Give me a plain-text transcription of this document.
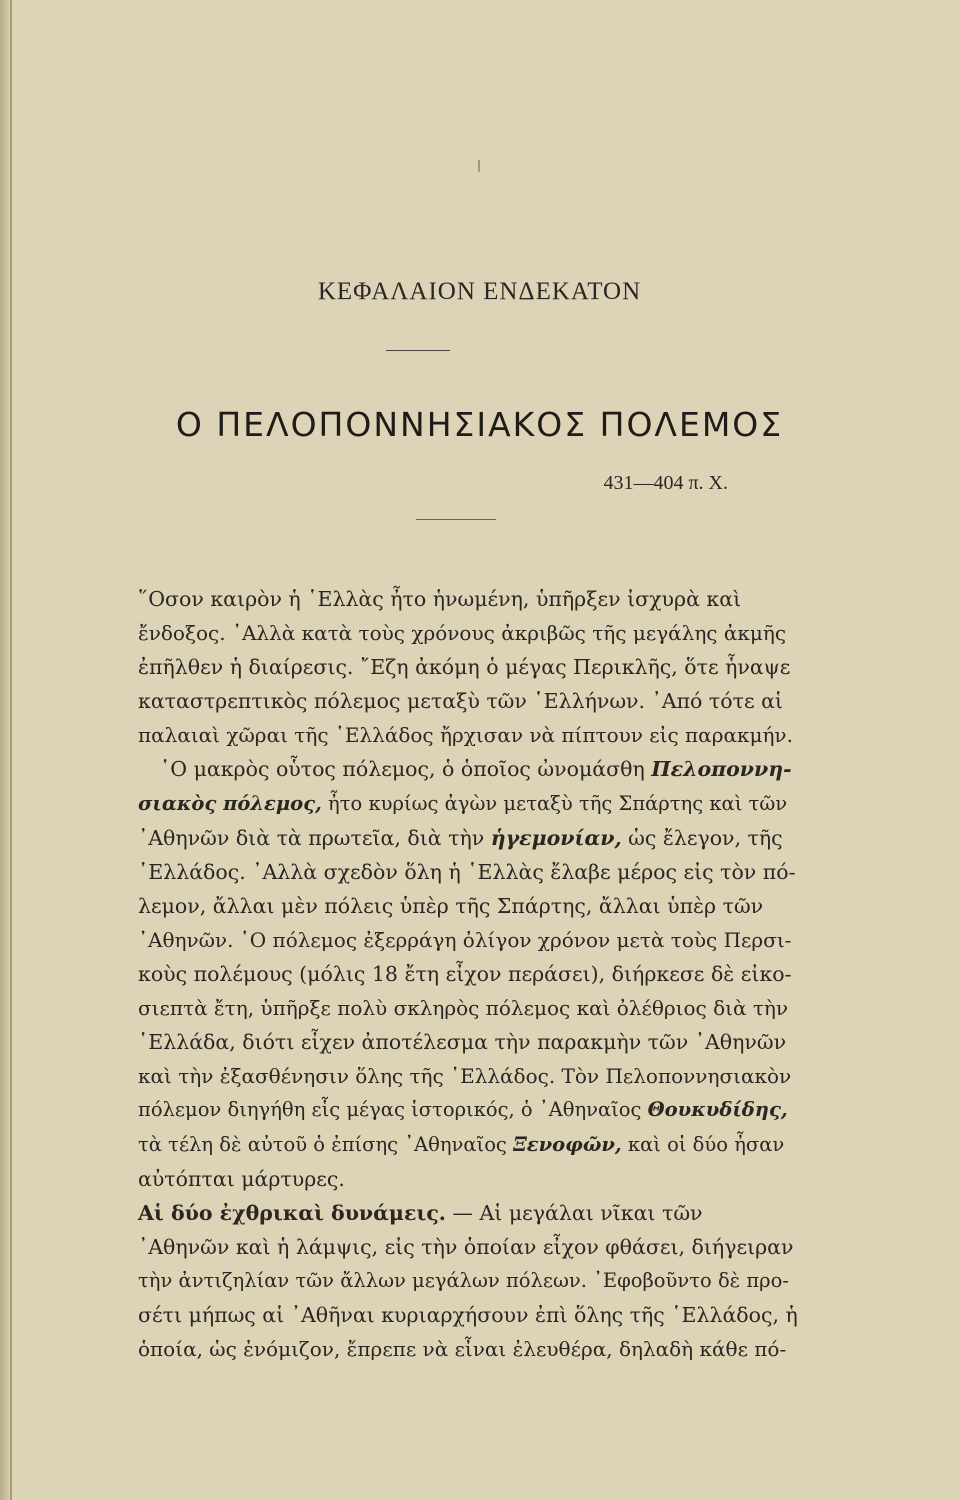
ΚΕΦΑΛΑΙΟΝ ΕΝΔΕΚΑΤΟΝ
Ο ΠΕΛΟΠΟΝΝΗΣΙΑΚΟΣ ΠΟΛΕΜΟΣ
431—404 π. Χ.
῞Οσον καιρὸν ἡ ῾Ελλὰς ἦτο ἡνωμένη, ὑπῆρξεν ἰσχυρὰ καὶ
ἔνδοξος. ᾿Αλλὰ κατὰ τοὺς χρόνους ἀκριβῶς τῆς μεγάλης ἀκμῆς
ἐπῆλθεν ἡ διαίρεσις. ῎Εζη ἀκόμη ὁ μέγας Περικλῆς, ὅτε ἧναψε
καταστρεπτικὸς πόλεμος μεταξὺ τῶν ῾Ελλήνων. ᾿Από τότε αἱ
παλαιαὶ χῶραι τῆς ῾Ελλάδος ἤρχισαν νὰ πίπτουν εἰς παρακμήν.
῾Ο μακρὸς οὗτος πόλεμος, ὁ ὁποῖος ὠνομάσθη Πελοποννη-
σιακὸς πόλεμος, ἦτο κυρίως ἀγὼν μεταξὺ τῆς Σπάρτης καὶ τῶν
᾿Αθηνῶν διὰ τὰ πρωτεῖα, διὰ τὴν ἡγεμονίαν, ὡς ἔλεγον, τῆς
῾Ελλάδος. ᾿Αλλὰ σχεδὸν ὅλη ἡ ῾Ελλὰς ἔλαβε μέρος εἰς τὸν πό-
λεμον, ἄλλαι μὲν πόλεις ὑπὲρ τῆς Σπάρτης, ἄλλαι ὑπὲρ τῶν
᾿Αθηνῶν. ῾Ο πόλεμος ἐξερράγη ὀλίγον χρόνον μετὰ τοὺς Περσι-
κοὺς πολέμους (μόλις 18 ἔτη εἶχον περάσει), διήρκεσε δὲ εἰκο-
σιεπτὰ ἔτη, ὑπῆρξε πολὺ σκληρὸς πόλεμος καὶ ὀλέθριος διὰ τὴν
῾Ελλάδα, διότι εἶχεν ἀποτέλεσμα τὴν παρακμὴν τῶν ᾿Αθηνῶν
καὶ τὴν ἐξασθένησιν ὅλης τῆς ῾Ελλάδος. Τὸν Πελοποννησιακὸν
πόλεμον διηγήθη εἷς μέγας ἱστορικός, ὁ ᾿Αθηναῖος Θουκυδίδης,
τὰ τέλη δὲ αὐτοῦ ὁ ἐπίσης ᾿Αθηναῖος Ξενοφῶν, καὶ οἱ δύο ἦσαν
αὐτόπται μάρτυρες.
Αἱ δύο ἐχθρικαὶ δυνάμεις. — Αἱ μεγάλαι νῖκαι τῶν
᾿Αθηνῶν καὶ ἡ λάμψις, εἰς τὴν ὁποίαν εἶχον φθάσει, διήγειραν
τὴν ἀντιζηλίαν τῶν ἄλλων μεγάλων πόλεων. ᾿Εφοβοῦντο δὲ προ-
σέτι μήπως αἱ ᾿Αθῆναι κυριαρχήσουν ἐπὶ ὅλης τῆς ῾Ελλάδος, ἡ
ὁποία, ὡς ἐνόμιζον, ἔπρεπε νὰ εἶναι ἐλευθέρα, δηλαδὴ κάθε πό-
